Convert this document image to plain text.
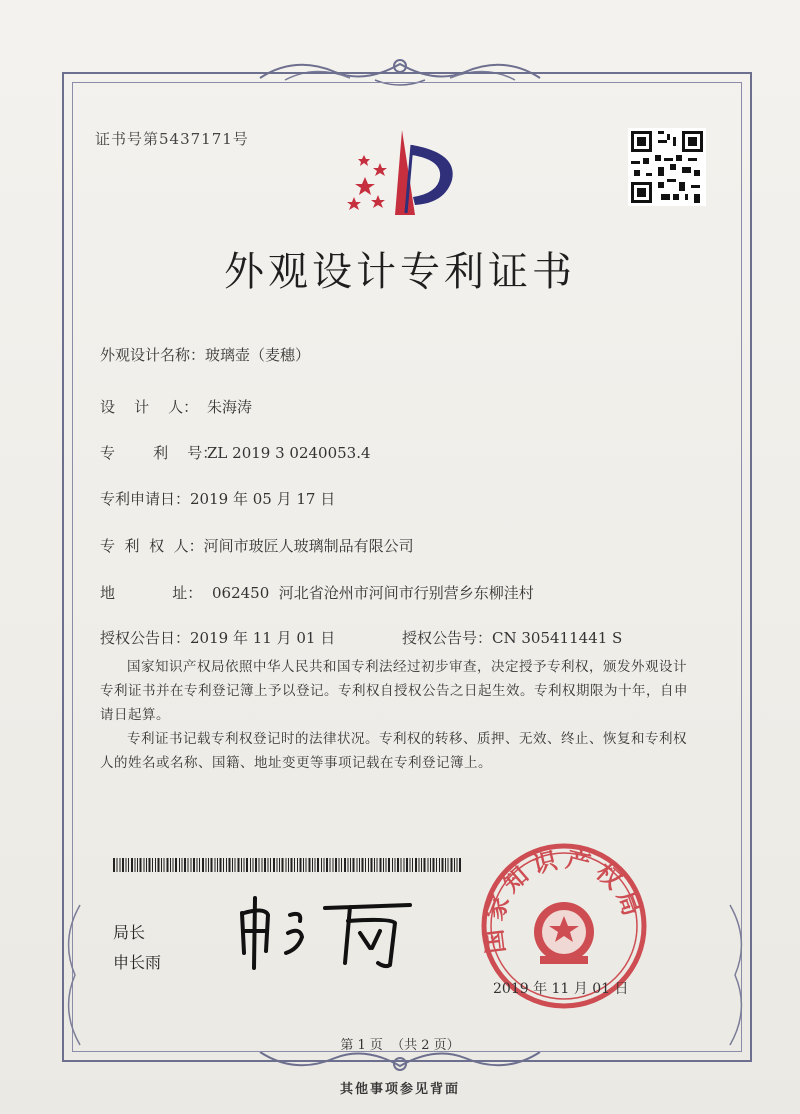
证书号第5437171号
外观设计专利证书
外观设计名称：玻璃壶（麦穗）
设    计    人： 朱海涛
专        利    号：ZL 2019 3 0240053.4
专利申请日：2019 年 05 月 17 日
专  利  权  人：河间市玻匠人玻璃制品有限公司
地            址： 062450  河北省沧州市河间市行别营乡东柳洼村
授权公告日：2019 年 11 月 01 日	授权公告号：CN 305411441 S
国家知识产权局依照中华人民共和国专利法经过初步审查，决定授予专利权，颁发外观设计专利证书并在专利登记簿上予以登记。专利权自授权公告之日起生效。专利权期限为十年，自申请日起算。
专利证书记载专利权登记时的法律状况。专利权的转移、质押、无效、终止、恢复和专利权人的姓名或名称、国籍、地址变更等事项记载在专利登记簿上。
局长
申长雨
国家知识产权局
2019 年 11 月 01 日
第 1 页  （共 2 页）
其他事项参见背面
